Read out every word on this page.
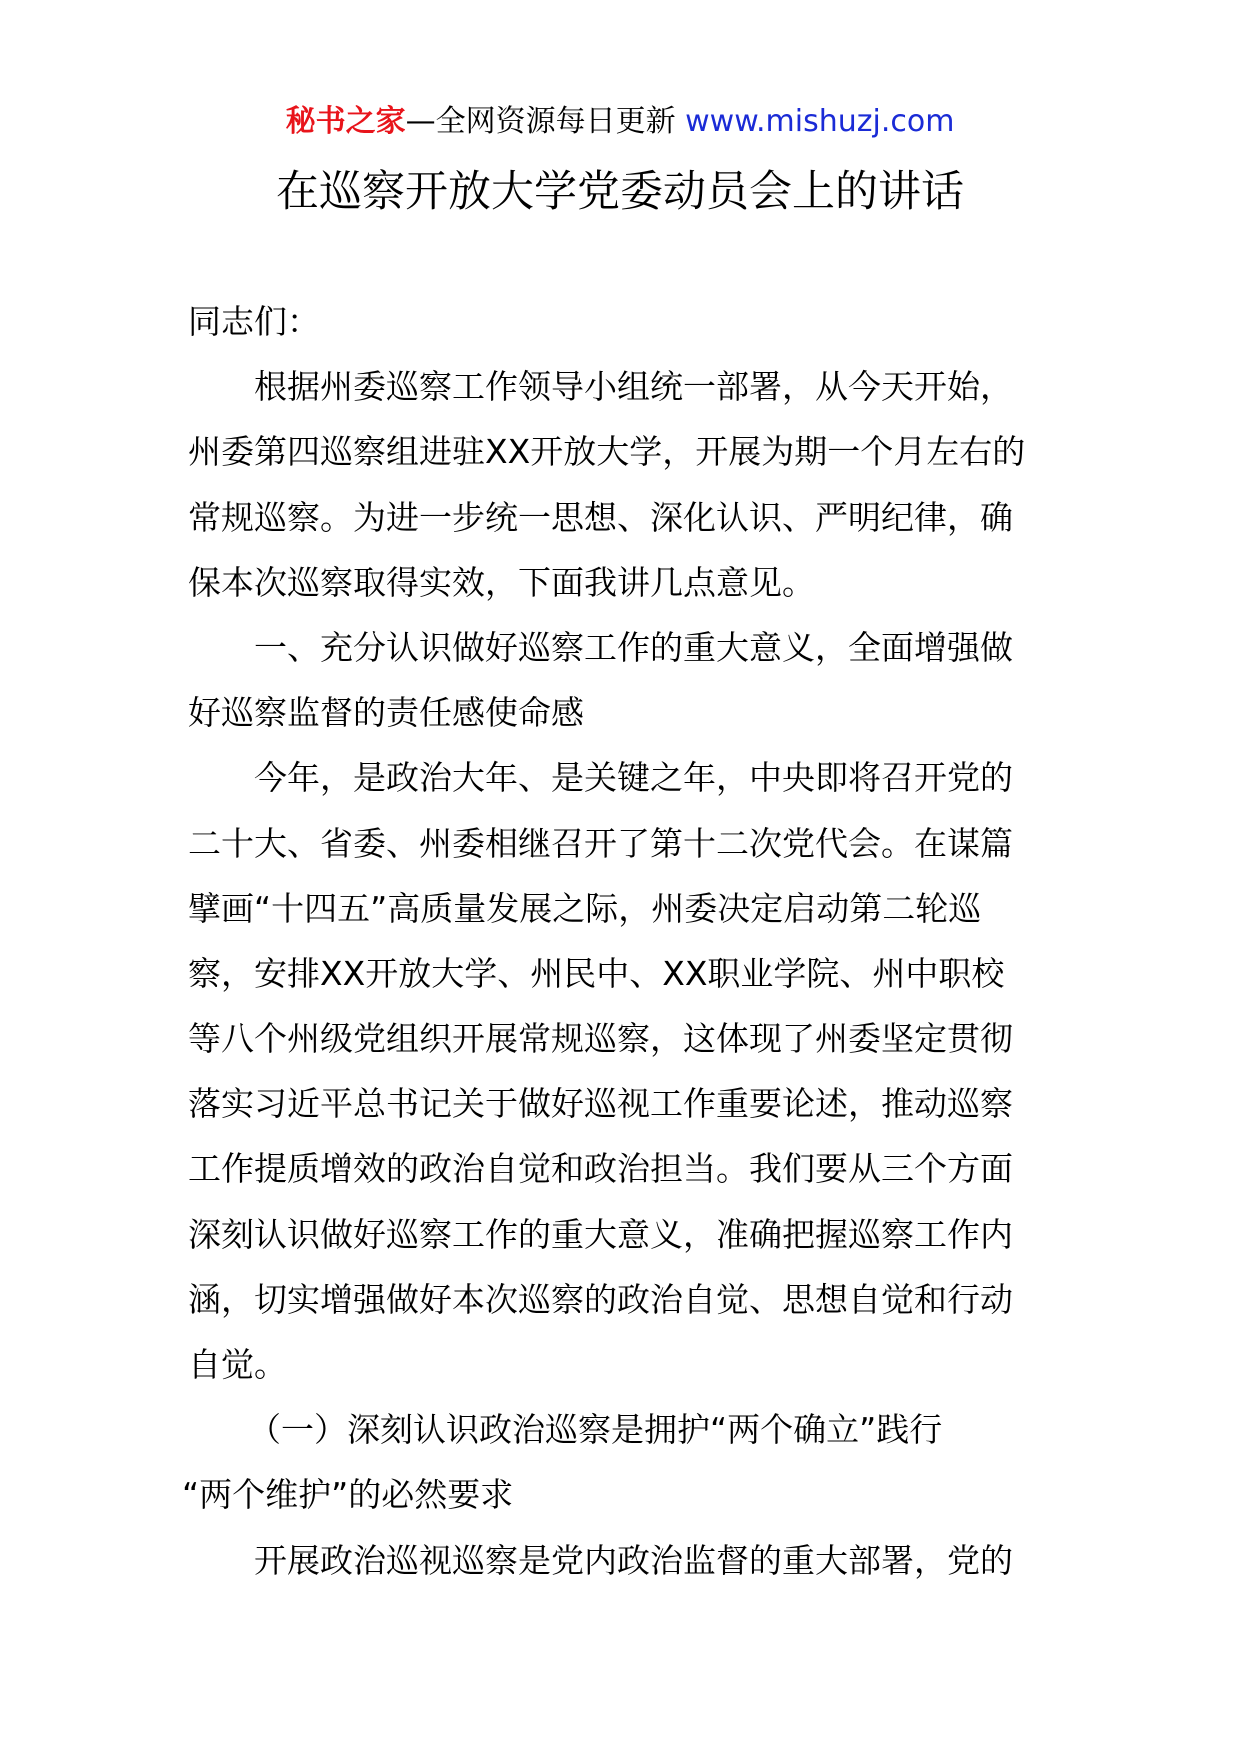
秘书之家—全网资源每日更新 www.mishuzj.com
在巡察开放大学党委动员会上的讲话
同志们：
根据州委巡察工作领导小组统一部署，从今天开始，
州委第四巡察组进驻XX开放大学，开展为期一个月左右的
常规巡察。为进一步统一思想、深化认识、严明纪律，确
保本次巡察取得实效，下面我讲几点意见。
一、充分认识做好巡察工作的重大意义，全面增强做
好巡察监督的责任感使命感
今年，是政治大年、是关键之年，中央即将召开党的
二十大、省委、州委相继召开了第十二次党代会。在谋篇
擘画“十四五”高质量发展之际，州委决定启动第二轮巡
察，安排XX开放大学、州民中、XX职业学院、州中职校
等八个州级党组织开展常规巡察，这体现了州委坚定贯彻
落实习近平总书记关于做好巡视工作重要论述，推动巡察
工作提质增效的政治自觉和政治担当。我们要从三个方面
深刻认识做好巡察工作的重大意义，准确把握巡察工作内
涵，切实增强做好本次巡察的政治自觉、思想自觉和行动
自觉。
（一）深刻认识政治巡察是拥护“两个确立”践行
“两个维护”的必然要求
开展政治巡视巡察是党内政治监督的重大部署，党的
